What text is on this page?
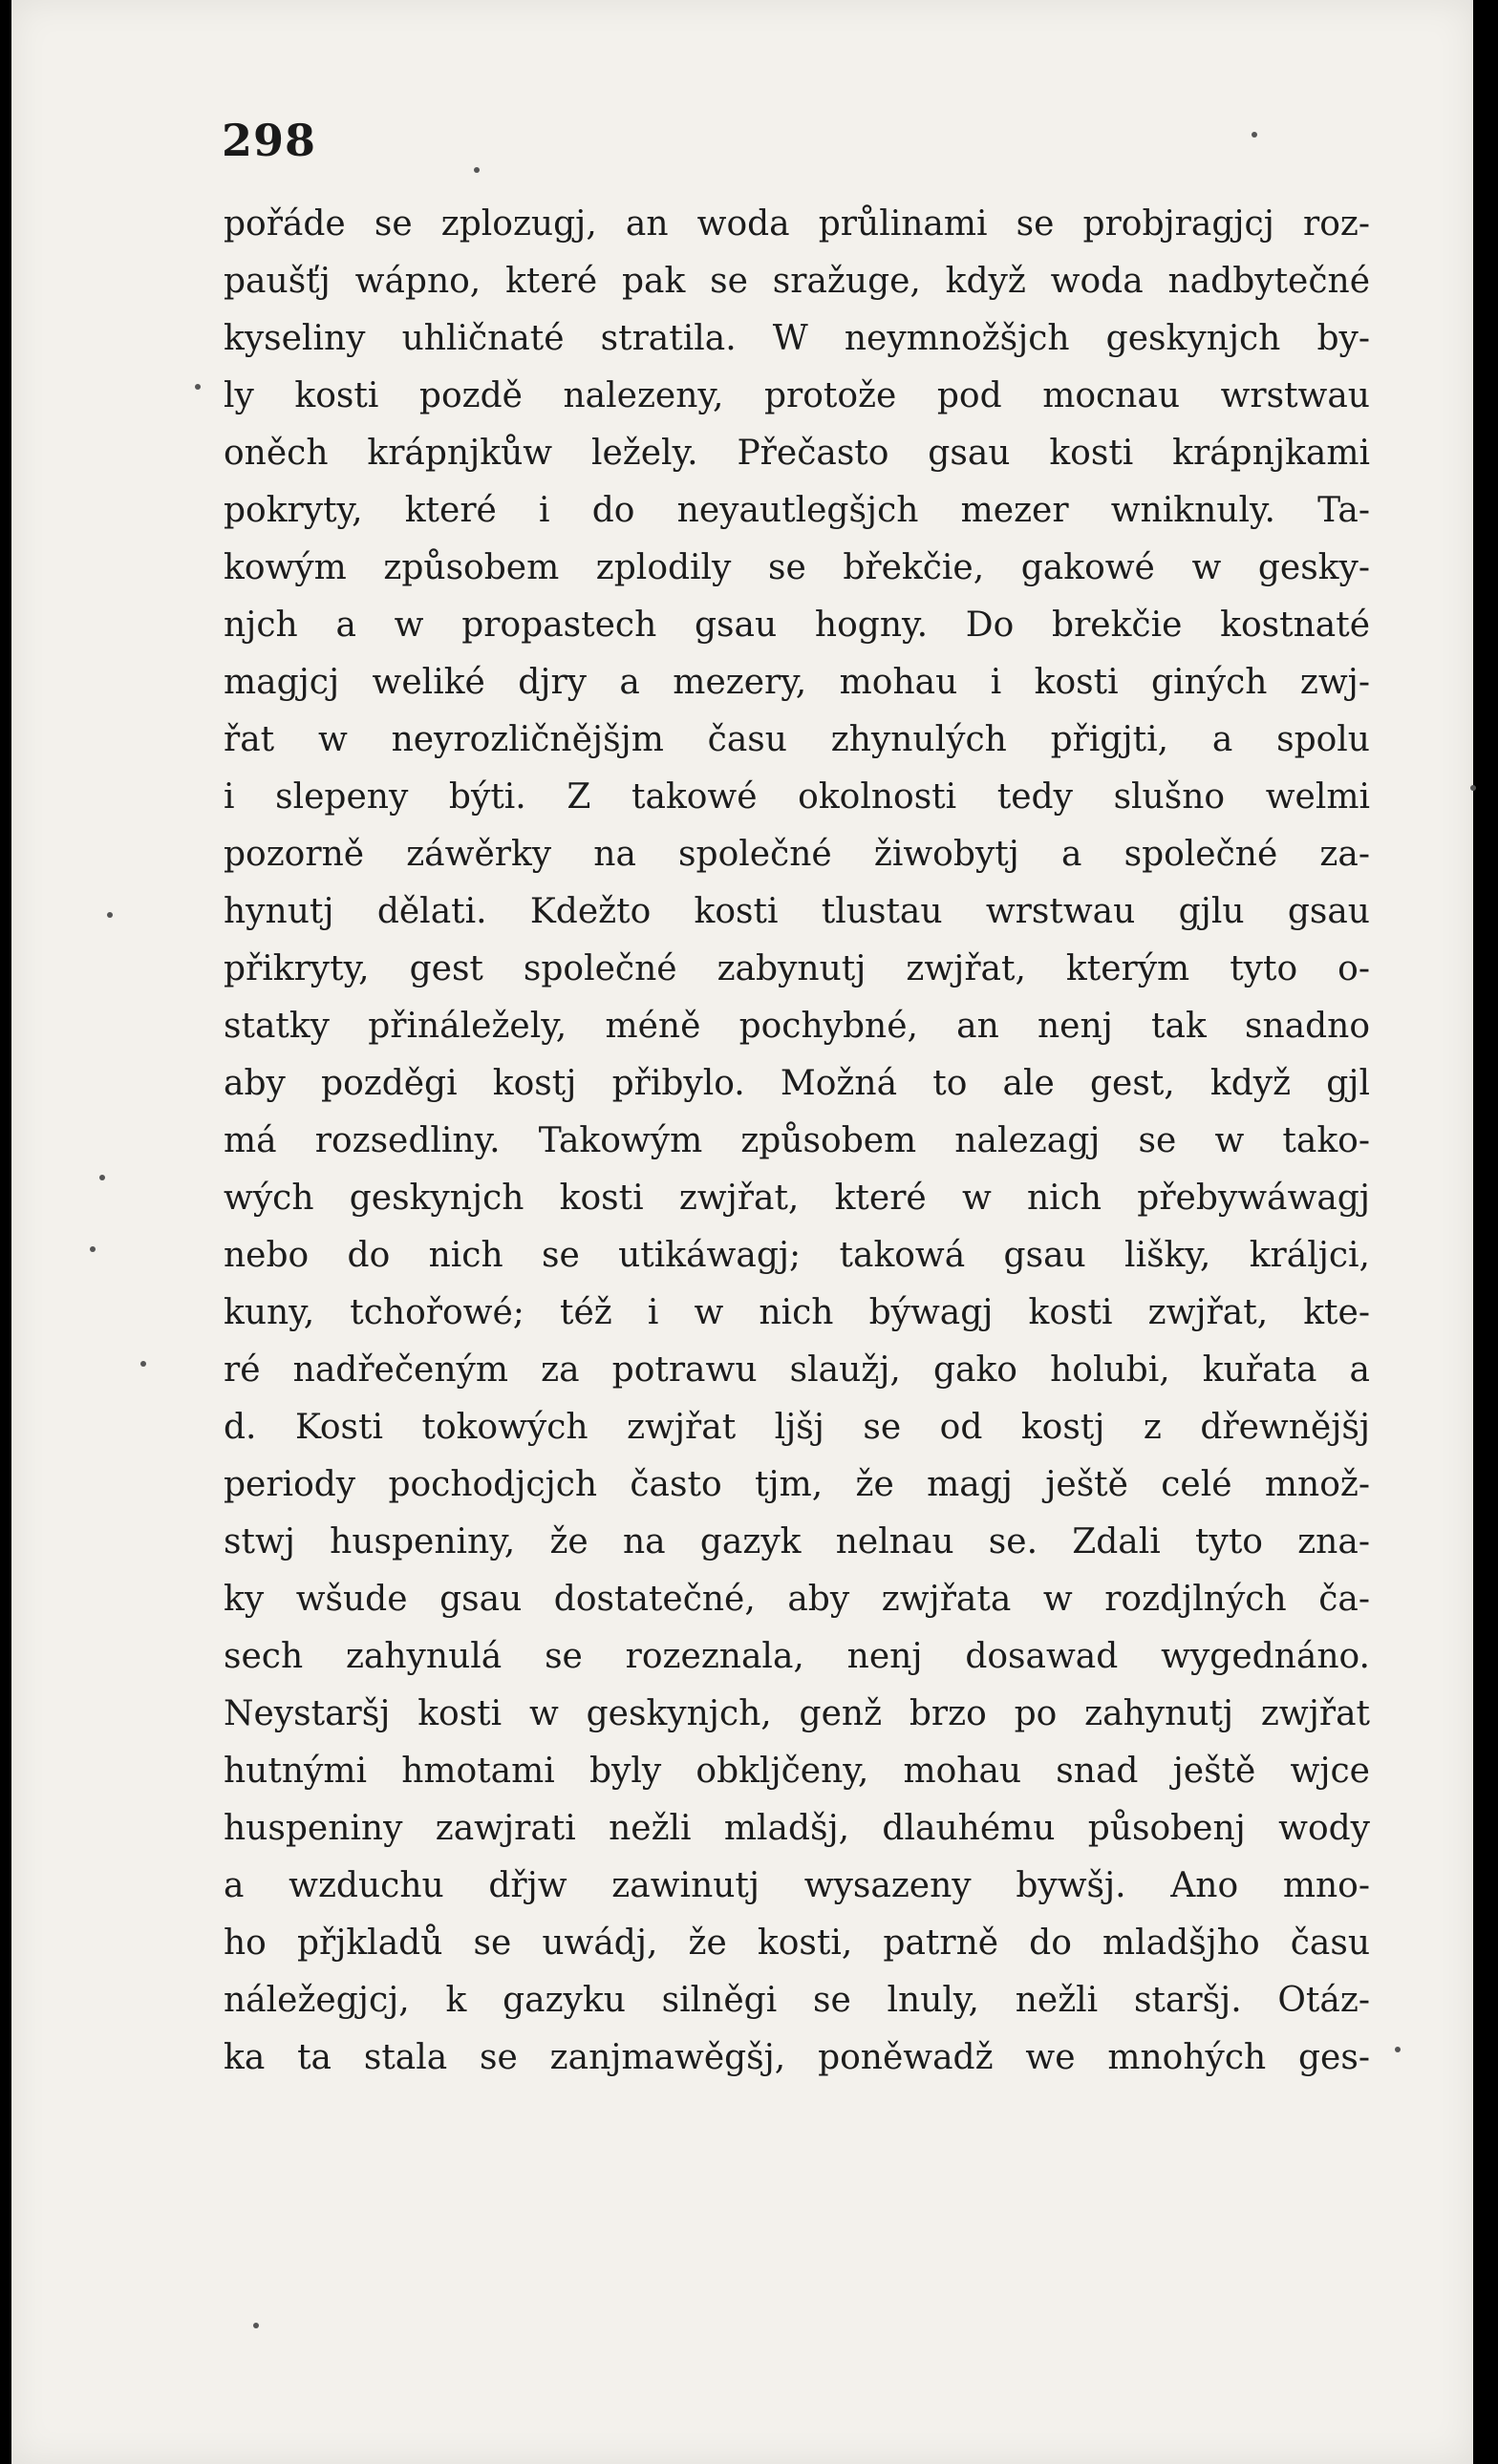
298
pořáde se zplozugj, an woda průlinami se probjragjcj roz-
paušťj wápno, které pak se sražuge, když woda nadbytečné
kyseliny uhličnaté stratila. W neymnožšjch geskynjch by-
ly kosti pozdě nalezeny, protože pod mocnau wrstwau
oněch krápnjkůw ležely. Přečasto gsau kosti krápnjkami
pokryty, které i do neyautlegšjch mezer wniknuly. Ta-
kowým způsobem zplodily se břekčie, gakowé w gesky-
njch a w propastech gsau hogny. Do brekčie kostnaté
magjcj weliké djry a mezery, mohau i kosti giných zwj-
řat w neyrozličnějšjm času zhynulých přigjti, a spolu
i slepeny býti. Z takowé okolnosti tedy slušno welmi
pozorně záwěrky na společné žiwobytj a společné za-
hynutj dělati. Kdežto kosti tlustau wrstwau gjlu gsau
přikryty, gest společné zabynutj zwjřat, kterým tyto o-
statky přináležely, méně pochybné, an nenj tak snadno
aby pozděgi kostj přibylo. Možná to ale gest, když gjl
má rozsedliny. Takowým způsobem nalezagj se w tako-
wých geskynjch kosti zwjřat, které w nich přebywáwagj
nebo do nich se utikáwagj; takowá gsau lišky, králjci,
kuny, tchořowé; též i w nich býwagj kosti zwjřat, kte-
ré nadřečeným za potrawu slaužj, gako holubi, kuřata a
d. Kosti tokowých zwjřat ljšj se od kostj z dřewnějšj
periody pochodjcjch často tjm, že magj ještě celé množ-
stwj huspeniny, že na gazyk nelnau se. Zdali tyto zna-
ky wšude gsau dostatečné, aby zwjřata w rozdjlných ča-
sech zahynulá se rozeznala, nenj dosawad wygednáno.
Neystaršj kosti w geskynjch, genž brzo po zahynutj zwjřat
hutnými hmotami byly obkljčeny, mohau snad ještě wjce
huspeniny zawjrati nežli mladšj, dlauhému působenj wody
a wzduchu dřjw zawinutj wysazeny bywšj. Ano mno-
ho přjkladů se uwádj, že kosti, patrně do mladšjho času
náležegjcj, k gazyku silněgi se lnuly, nežli staršj. Otáz-
ka ta stala se zanjmawěgšj, poněwadž we mnohých ges-
